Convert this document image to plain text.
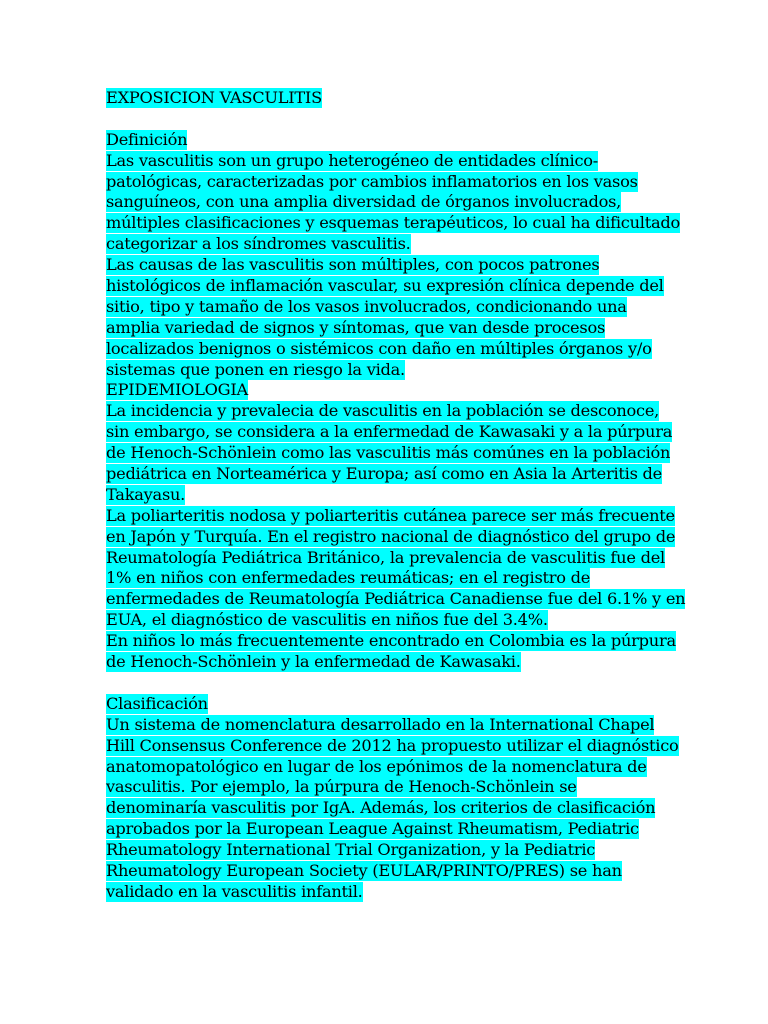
EXPOSICION VASCULITIS
Definición
Las vasculitis son un grupo heterogéneo de entidades clínico-
patológicas, caracterizadas por cambios inflamatorios en los vasos
sanguíneos, con una amplia diversidad de órganos involucrados,
múltiples clasificaciones y esquemas terapéuticos, lo cual ha dificultado
categorizar a los síndromes vasculitis.
Las causas de las vasculitis son múltiples, con pocos patrones
histológicos de inflamación vascular, su expresión clínica depende del
sitio, tipo y tamaño de los vasos involucrados, condicionando una
amplia variedad de signos y síntomas, que van desde procesos
localizados benignos o sistémicos con daño en múltiples órganos y/o
sistemas que ponen en riesgo la vida.
EPIDEMIOLOGIA
La incidencia y prevalecia de vasculitis en la población se desconoce,
sin embargo, se considera a la enfermedad de Kawasaki y a la púrpura
de Henoch-Schönlein como las vasculitis más comúnes en la población
pediátrica en Norteamérica y Europa; así como en Asia la Arteritis de
Takayasu.
La poliarteritis nodosa y poliarteritis cutánea parece ser más frecuente
en Japón y Turquía. En el registro nacional de diagnóstico del grupo de
Reumatología Pediátrica Británico, la prevalencia de vasculitis fue del
1% en niños con enfermedades reumáticas; en el registro de
enfermedades de Reumatología Pediátrica Canadiense fue del 6.1% y en
EUA, el diagnóstico de vasculitis en niños fue del 3.4%.
En niños lo más frecuentemente encontrado en Colombia es la púrpura
de Henoch-Schönlein y la enfermedad de Kawasaki.
Clasificación
Un sistema de nomenclatura desarrollado en la International Chapel
Hill Consensus Conference de 2012 ha propuesto utilizar el diagnóstico
anatomopatológico en lugar de los epónimos de la nomenclatura de
vasculitis. Por ejemplo, la púrpura de Henoch-Schönlein se
denominaría vasculitis por IgA. Además, los criterios de clasificación
aprobados por la European League Against Rheumatism, Pediatric
Rheumatology International Trial Organization, y la Pediatric
Rheumatology European Society (EULAR/PRINTO/PRES) se han
validado en la vasculitis infantil.
